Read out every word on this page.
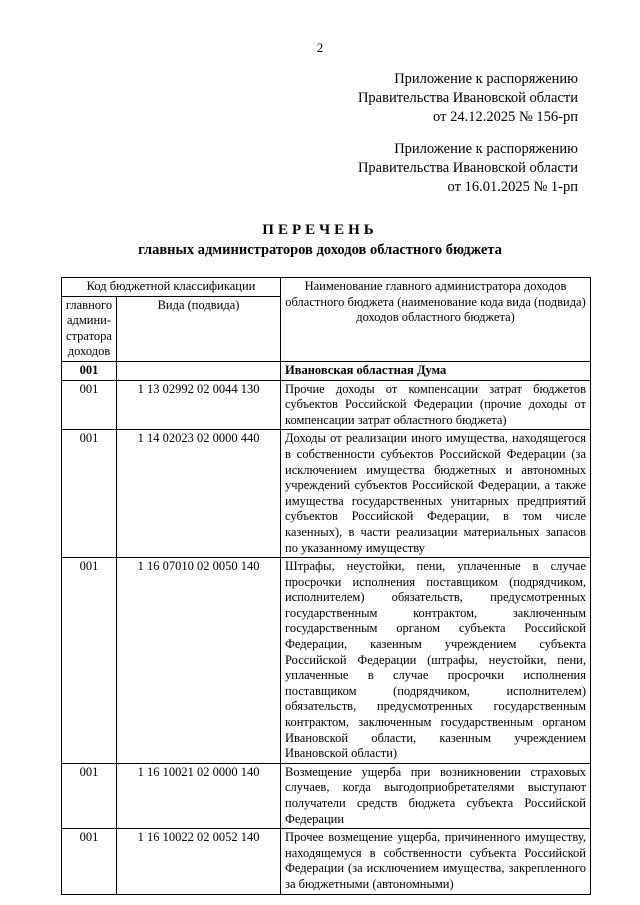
2
Приложение к распоряжению
Правительства Ивановской области
от 24.12.2025 № 156-рп
Приложение к распоряжению
Правительства Ивановской области
от 16.01.2025 № 1-рп
ПЕРЕЧЕНЬ
главных администраторов доходов областного бюджета
Код бюджетной классификации		Наименование главного администратора доходов областного бюджета (наименование кода вида (подвида) доходов областного бюджета)
главного админи-стратора доходов	Вида (подвида)	
001		Ивановская областная Дума
001	1 13 02992 02 0044 130	Прочие доходы от компенсации затрат бюджетов субъектов Российской Федерации (прочие доходы от компенсации затрат областного бюджета)
001	1 14 02023 02 0000 440	Доходы от реализации иного имущества, находящегося в собственности субъектов Российской Федерации (за исключением имущества бюджетных и автономных учреждений субъектов Российской Федерации, а также имущества государственных унитарных предприятий субъектов Российской Федерации, в том числе казенных), в части реализации материальных запасов по указанному имуществу
001	1 16 07010 02 0050 140	Штрафы, неустойки, пени, уплаченные в случае просрочки исполнения поставщиком (подрядчиком, исполнителем) обязательств, предусмотренных государственным контрактом, заключенным государственным органом субъекта Российской Федерации, казенным учреждением субъекта Российской Федерации (штрафы, неустойки, пени, уплаченные в случае просрочки исполнения поставщиком (подрядчиком, исполнителем) обязательств, предусмотренных государственным контрактом, заключенным государственным органом Ивановской области, казенным учреждением Ивановской области)
001	1 16 10021 02 0000 140	Возмещение ущерба при возникновении страховых случаев, когда выгодоприобретателями выступают получатели средств бюджета субъекта Российской Федерации
001	1 16 10022 02 0052 140	Прочее возмещение ущерба, причиненного имуществу, находящемуся в собственности субъекта Российской Федерации (за исключением имущества, закрепленного за бюджетными (автономными)
